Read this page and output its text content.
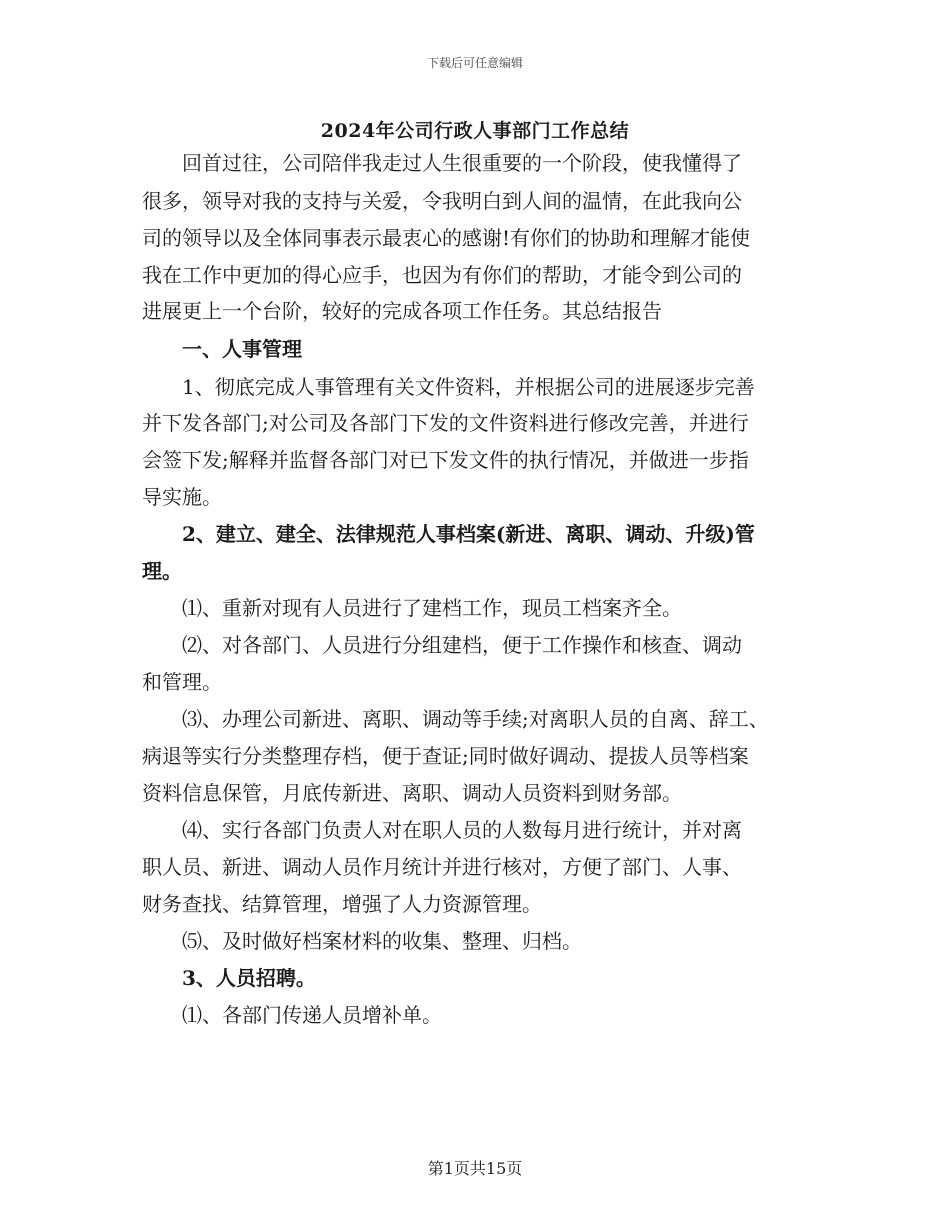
下载后可任意编辑
2024年公司行政人事部门工作总结
　　回首过往，公司陪伴我走过人生很重要的一个阶段，使我懂得了
很多，领导对我的支持与关爱，令我明白到人间的温情，在此我向公
司的领导以及全体同事表示最衷心的感谢!有你们的协助和理解才能使
我在工作中更加的得心应手，也因为有你们的帮助，才能令到公司的
进展更上一个台阶，较好的完成各项工作任务。其总结报告
　　一、人事管理
　　1、彻底完成人事管理有关文件资料，并根据公司的进展逐步完善
并下发各部门;对公司及各部门下发的文件资料进行修改完善，并进行
会签下发;解释并监督各部门对已下发文件的执行情况，并做进一步指
导实施。
　　2、建立、建全、法律规范人事档案(新进、离职、调动、升级)管
理。
　　⑴、重新对现有人员进行了建档工作，现员工档案齐全。
　　⑵、对各部门、人员进行分组建档，便于工作操作和核查、调动
和管理。
　　⑶、办理公司新进、离职、调动等手续;对离职人员的自离、辞工、
病退等实行分类整理存档，便于查证;同时做好调动、提拔人员等档案
资料信息保管，月底传新进、离职、调动人员资料到财务部。
　　⑷、实行各部门负责人对在职人员的人数每月进行统计，并对离
职人员、新进、调动人员作月统计并进行核对，方便了部门、人事、
财务查找、结算管理，增强了人力资源管理。
　　⑸、及时做好档案材料的收集、整理、归档。
　　3、人员招聘。
　　⑴、各部门传递人员增补单。
第1页共15页
